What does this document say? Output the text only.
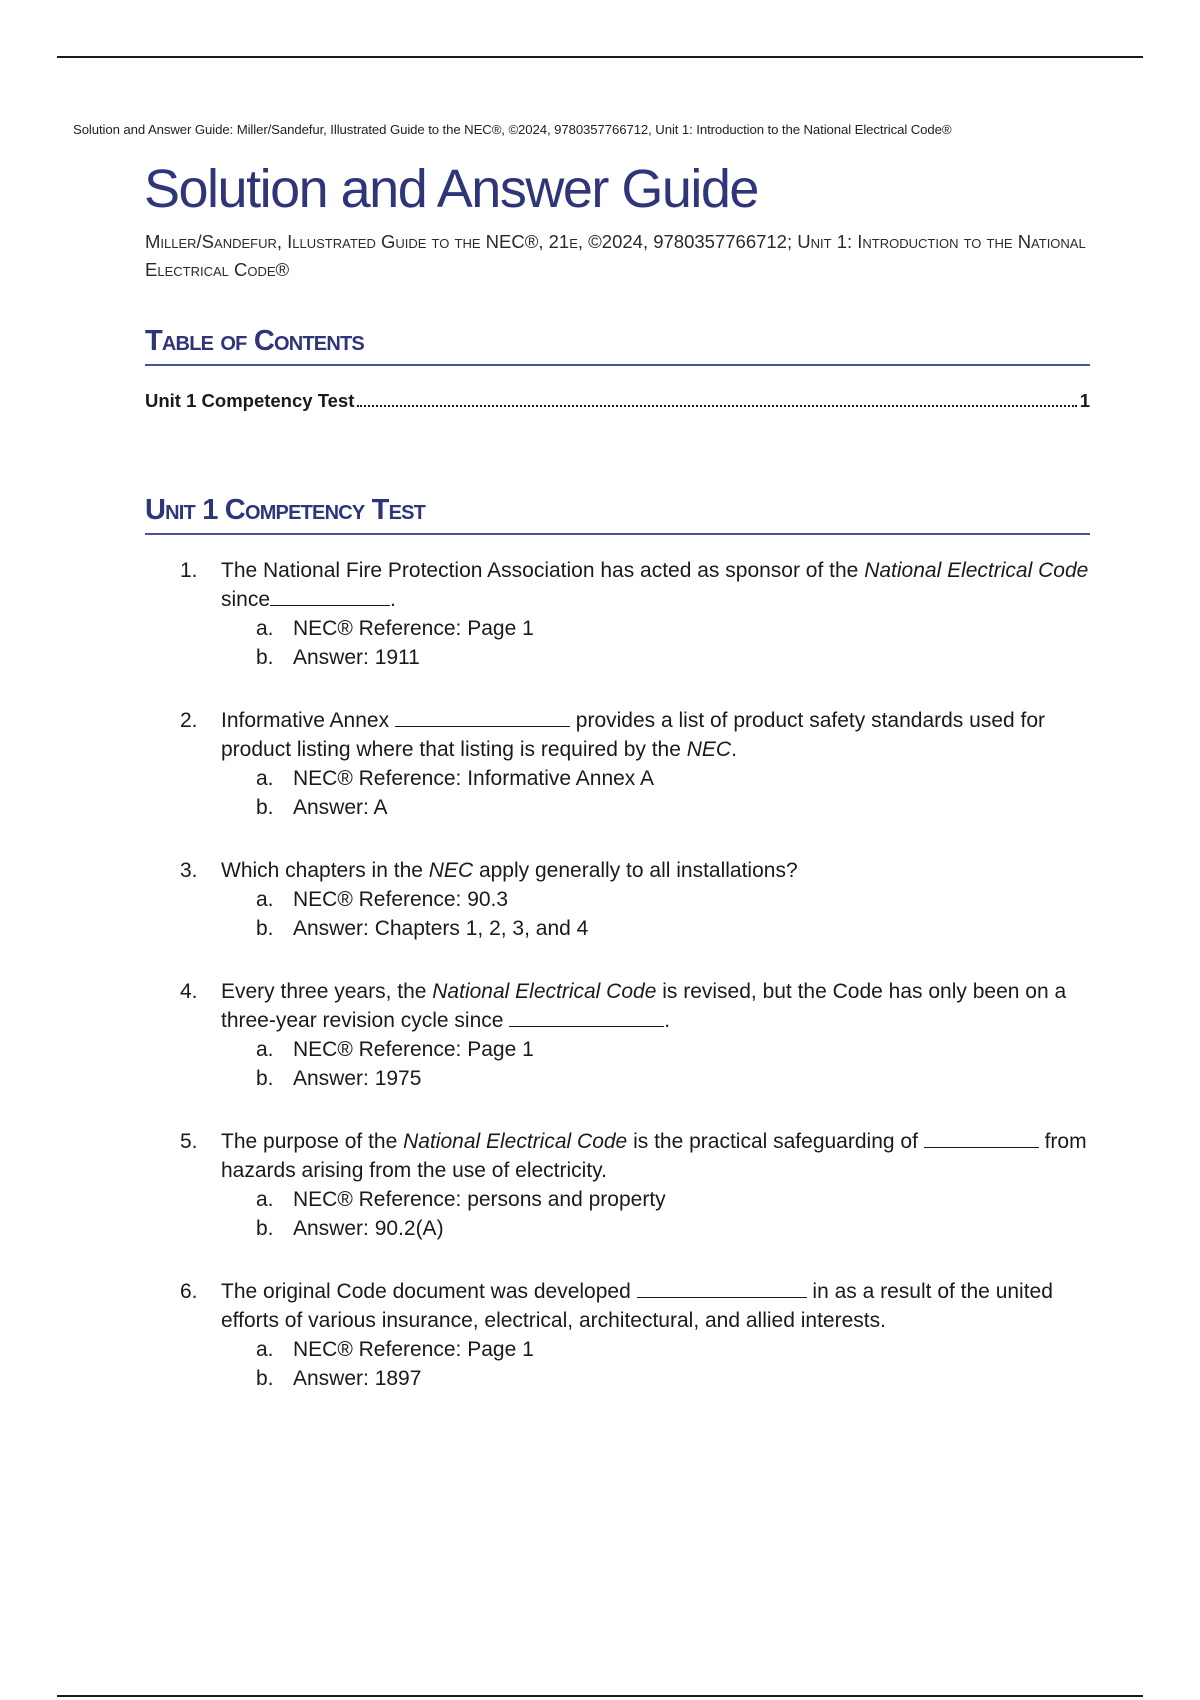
Solution and Answer Guide: Miller/Sandefur, Illustrated Guide to the NEC®, ©2024, 9780357766712, Unit 1: Introduction to the National Electrical Code®
Solution and Answer Guide
Miller/Sandefur, Illustrated Guide to the NEC®, 21e, ©2024, 9780357766712; Unit 1: Introduction to the National Electrical Code®
Table of Contents
Unit 1 Competency Test	1
Unit 1 Competency Test
1. The National Fire Protection Association has acted as sponsor of the National Electrical Code since	.
a. NEC® Reference: Page 1
b. Answer: 1911
2. Informative Annex	provides a list of product safety standards used for product listing where that listing is required by the NEC.
a. NEC® Reference: Informative Annex A
b. Answer: A
3. Which chapters in the NEC apply generally to all installations?
a. NEC® Reference: 90.3
b. Answer: Chapters 1, 2, 3, and 4
4. Every three years, the National Electrical Code is revised, but the Code has only been on a three-year revision cycle since	.
a. NEC® Reference: Page 1
b. Answer: 1975
5. The purpose of the National Electrical Code is the practical safeguarding of	from hazards arising from the use of electricity.
a. NEC® Reference: persons and property
b. Answer: 90.2(A)
6. The original Code document was developed	in as a result of the united efforts of various insurance, electrical, architectural, and allied interests.
a. NEC® Reference: Page 1
b. Answer: 1897
